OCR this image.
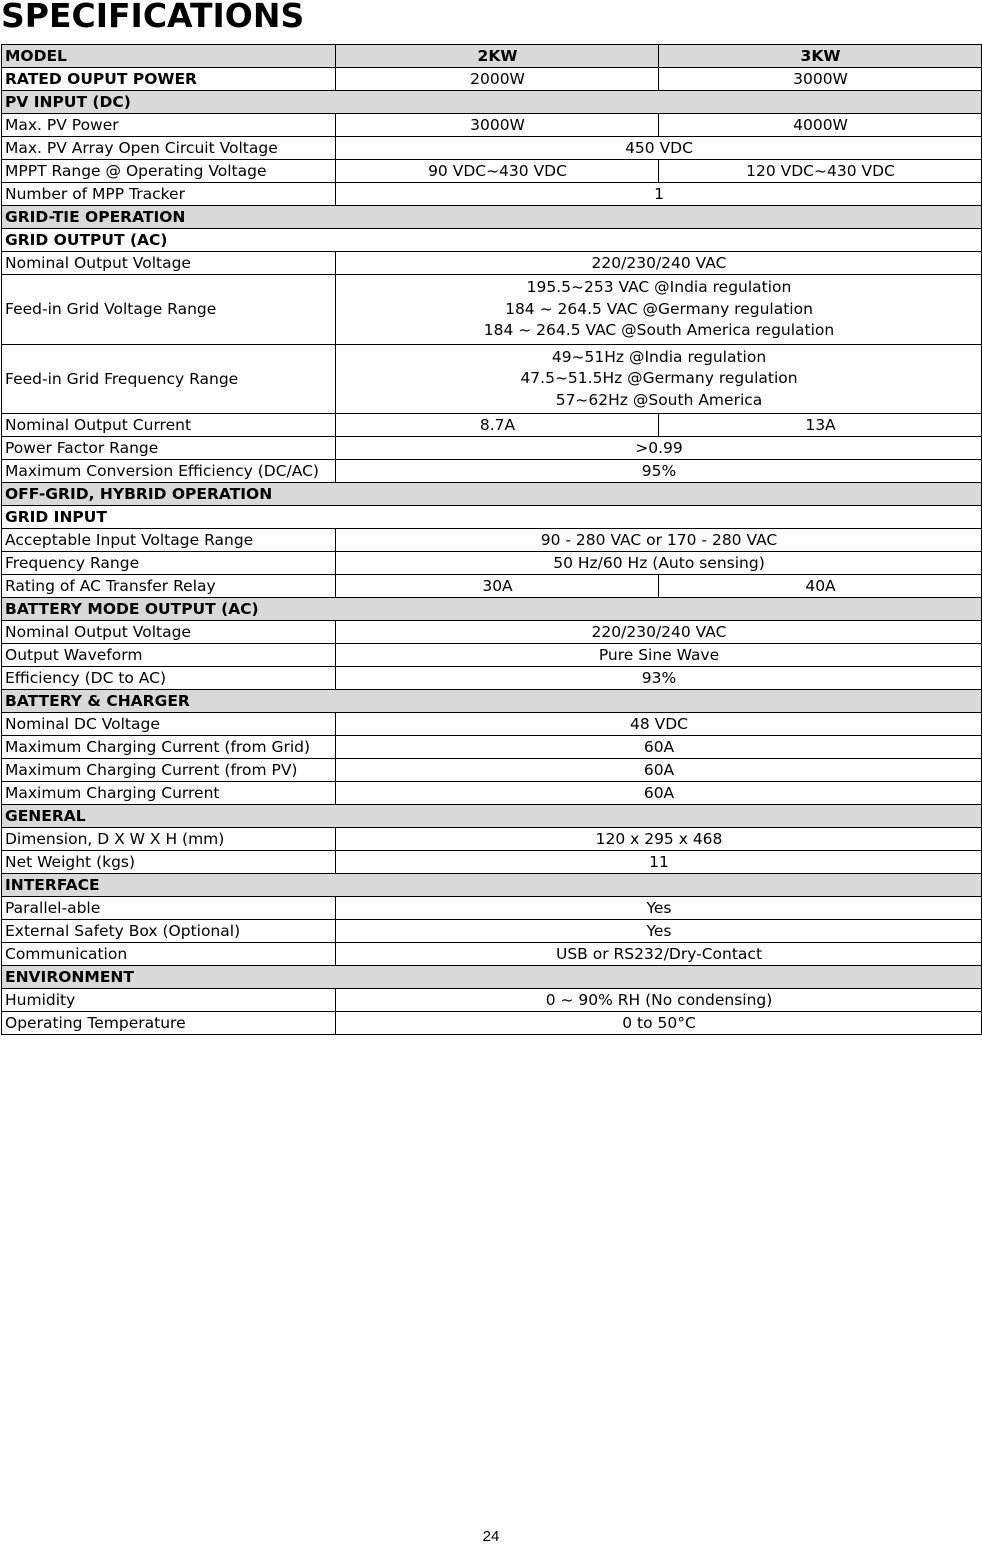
SPECIFICATIONS
MODEL	2KW	3KW
RATED OUPUT POWER	2000W	3000W
PV INPUT (DC)		
Max. PV Power	3000W	4000W
Max. PV Array Open Circuit Voltage	450 VDC	
MPPT Range @ Operating Voltage	90 VDC~430 VDC	120 VDC~430 VDC
Number of MPP Tracker	1	
GRID-TIE OPERATION		
GRID OUTPUT (AC)		
Nominal Output Voltage	220/230/240 VAC	
Feed-in Grid Voltage Range	195.5~253 VAC @India regulation
184 ~ 264.5 VAC @Germany regulation
184 ~ 264.5 VAC @South America regulation	

Feed-in Grid Frequency Range	49~51Hz @India regulation
47.5~51.5Hz @Germany regulation
57~62Hz @South America	

Nominal Output Current	8.7A	13A
Power Factor Range	>0.99	
Maximum Conversion Efficiency (DC/AC)	95%	
OFF-GRID, HYBRID OPERATION		
GRID INPUT		
Acceptable Input Voltage Range	90 - 280 VAC or 170 - 280 VAC	
Frequency Range	50 Hz/60 Hz (Auto sensing)	
Rating of AC Transfer Relay	30A	40A
BATTERY MODE OUTPUT (AC)		
Nominal Output Voltage	220/230/240 VAC	
Output Waveform	Pure Sine Wave	
Efficiency (DC to AC)	93%	
BATTERY & CHARGER		
Nominal DC Voltage	48 VDC	
Maximum Charging Current (from Grid)	60A	
Maximum Charging Current (from PV)	60A	
Maximum Charging Current	60A	
GENERAL		
Dimension, D X W X H (mm)	120 x 295 x 468	
Net Weight (kgs)	11	
INTERFACE		
Parallel-able	Yes	
External Safety Box (Optional)	Yes	
Communication	USB or RS232/Dry-Contact	
ENVIRONMENT		
Humidity	0 ~ 90% RH (No condensing)	
Operating Temperature	0 to 50°C	
24
